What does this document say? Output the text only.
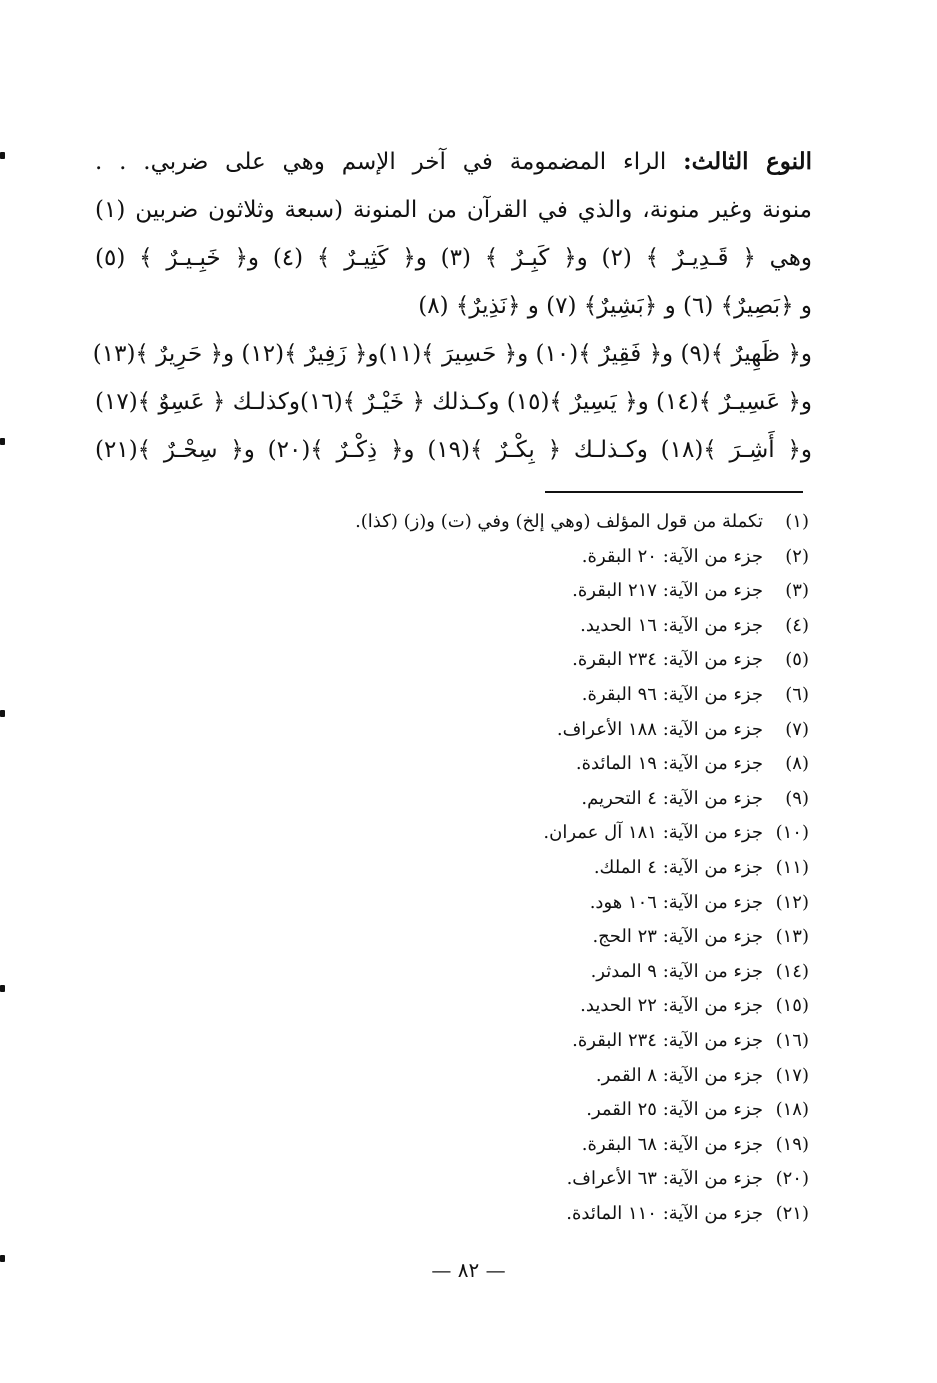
النوع الثالث: الراء المضمومة في آخر الإسم وهي على ضربي. . .
منونة وغير منونة، والذي في القرآن من المنونة (سبعة وثلاثون ضربين (١)
وهي ﴿ قَـدِيـرٌ ﴾ (٢) و﴿ كَبِـرٌ ﴾ (٣) و﴿ كَثِيـرٌ ﴾ (٤) و﴿ خَبِـيـرٌ ﴾ (٥)
و ﴿بَصِيرٌ﴾ (٦) و ﴿بَشِيرٌ﴾ (٧) و ﴿نَذِيرٌ﴾ (٨)
و﴿ ظَهِيرٌ ﴾(٩) و﴿ فَقِيرٌ ﴾(١٠) و﴿ حَسِيرَ ﴾(١١)و﴿ زَفِيرٌ ﴾(١٢) و﴿ حَرِيرٌ ﴾(١٣)
و﴿ عَسِيـرٌ ﴾(١٤) و﴿ يَسِيرٌ ﴾(١٥) وكـذلك ﴿ خَيْـرٌ ﴾(١٦)وكذلـك ﴿ عَسِوٌ ﴾(١٧)
و﴿ أَشِـرَ ﴾(١٨) وكـذلـك ﴿ بِكْـرٌ ﴾(١٩) و﴿ ذِكْـرٌ ﴾(٢٠) و﴿ سِحْـرٌ ﴾(٢١)
(١)
تكملة من قول المؤلف (وهي إلخ) وفي (ت) و(ز) (كذا).
(٢)
جزء من الآية: ٢٠ البقرة.
(٣)
جزء من الآية: ٢١٧ البقرة.
(٤)
جزء من الآية: ١٦ الحديد.
(٥)
جزء من الآية: ٢٣٤ البقرة.
(٦)
جزء من الآية: ٩٦ البقرة.
(٧)
جزء من الآية: ١٨٨ الأعراف.
(٨)
جزء من الآية: ١٩ المائدة.
(٩)
جزء من الآية: ٤ التحريم.
(١٠)
جزء من الآية: ١٨١ آل عمران.
(١١)
جزء من الآية: ٤ الملك.
(١٢)
جزء من الآية: ١٠٦ هود.
(١٣)
جزء من الآية: ٢٣ الحج.
(١٤)
جزء من الآية: ٩ المدثر.
(١٥)
جزء من الآية: ٢٢ الحديد.
(١٦)
جزء من الآية: ٢٣٤ البقرة.
(١٧)
جزء من الآية: ٨ القمر.
(١٨)
جزء من الآية: ٢٥ القمر.
(١٩)
جزء من الآية: ٦٨ البقرة.
(٢٠)
جزء من الآية: ٦٣ الأعراف.
(٢١)
جزء من الآية: ١١٠ المائدة.
— ٨٢ —
